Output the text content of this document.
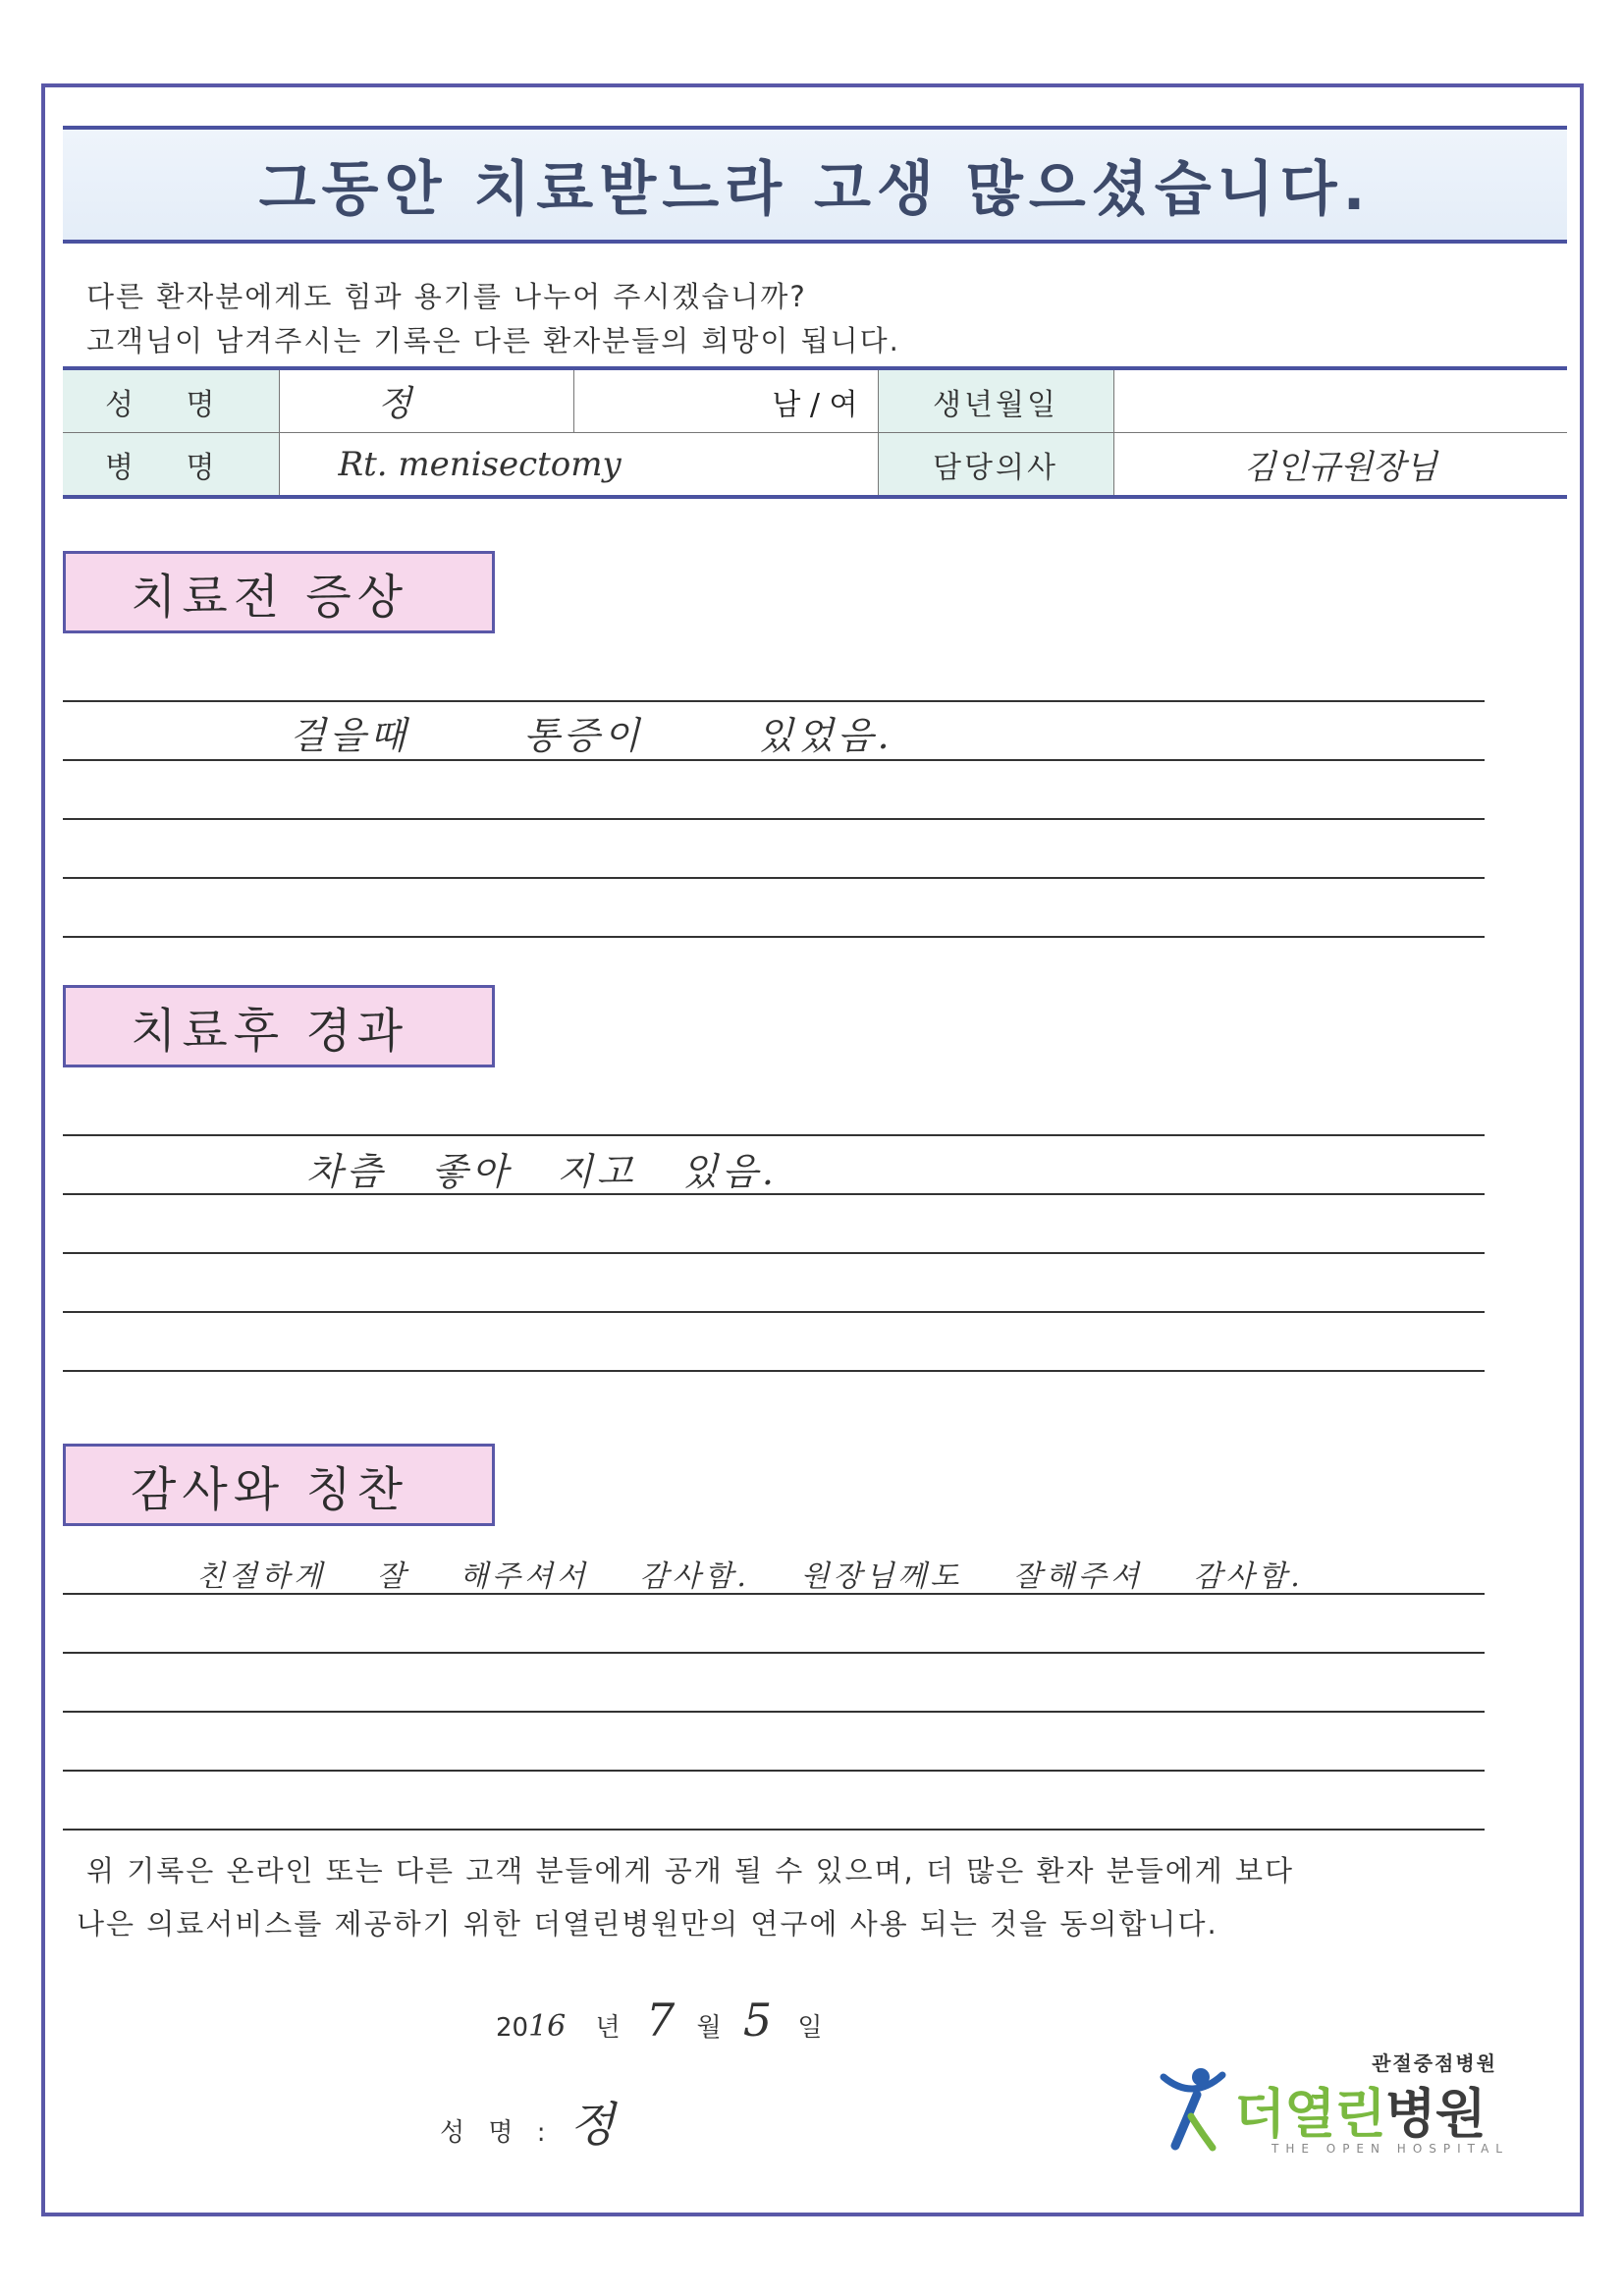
그동안 치료받느라 고생 많으셨습니다.
다른 환자분에게도 힘과 용기를 나누어 주시겠습니까?
고객님이 남겨주시는 기록은 다른 환자분들의 희망이 됩니다.
성 명	정	남 / 여	생년월일	
병 명	Rt. menisectomy		담당의사	김인규원장님
치료전 증상
걸을때 통증이 있었음.
치료후 경과
차츰 좋아 지고 있음.
감사와 칭찬
친절하게 잘 해주셔서 감사함. 원장님께도 잘해주셔 감사함.
위 기록은 온라인 또는 다른 고객 분들에게 공개 될 수 있으며, 더 많은 환자 분들에게 보다
나은 의료서비스를 제공하기 위한 더열린병원만의 연구에 사용 되는 것을 동의합니다.
2016 년 7 월 5 일
성 명 : 정
관절중점병원
더열린병원
THE OPEN HOSPITAL
